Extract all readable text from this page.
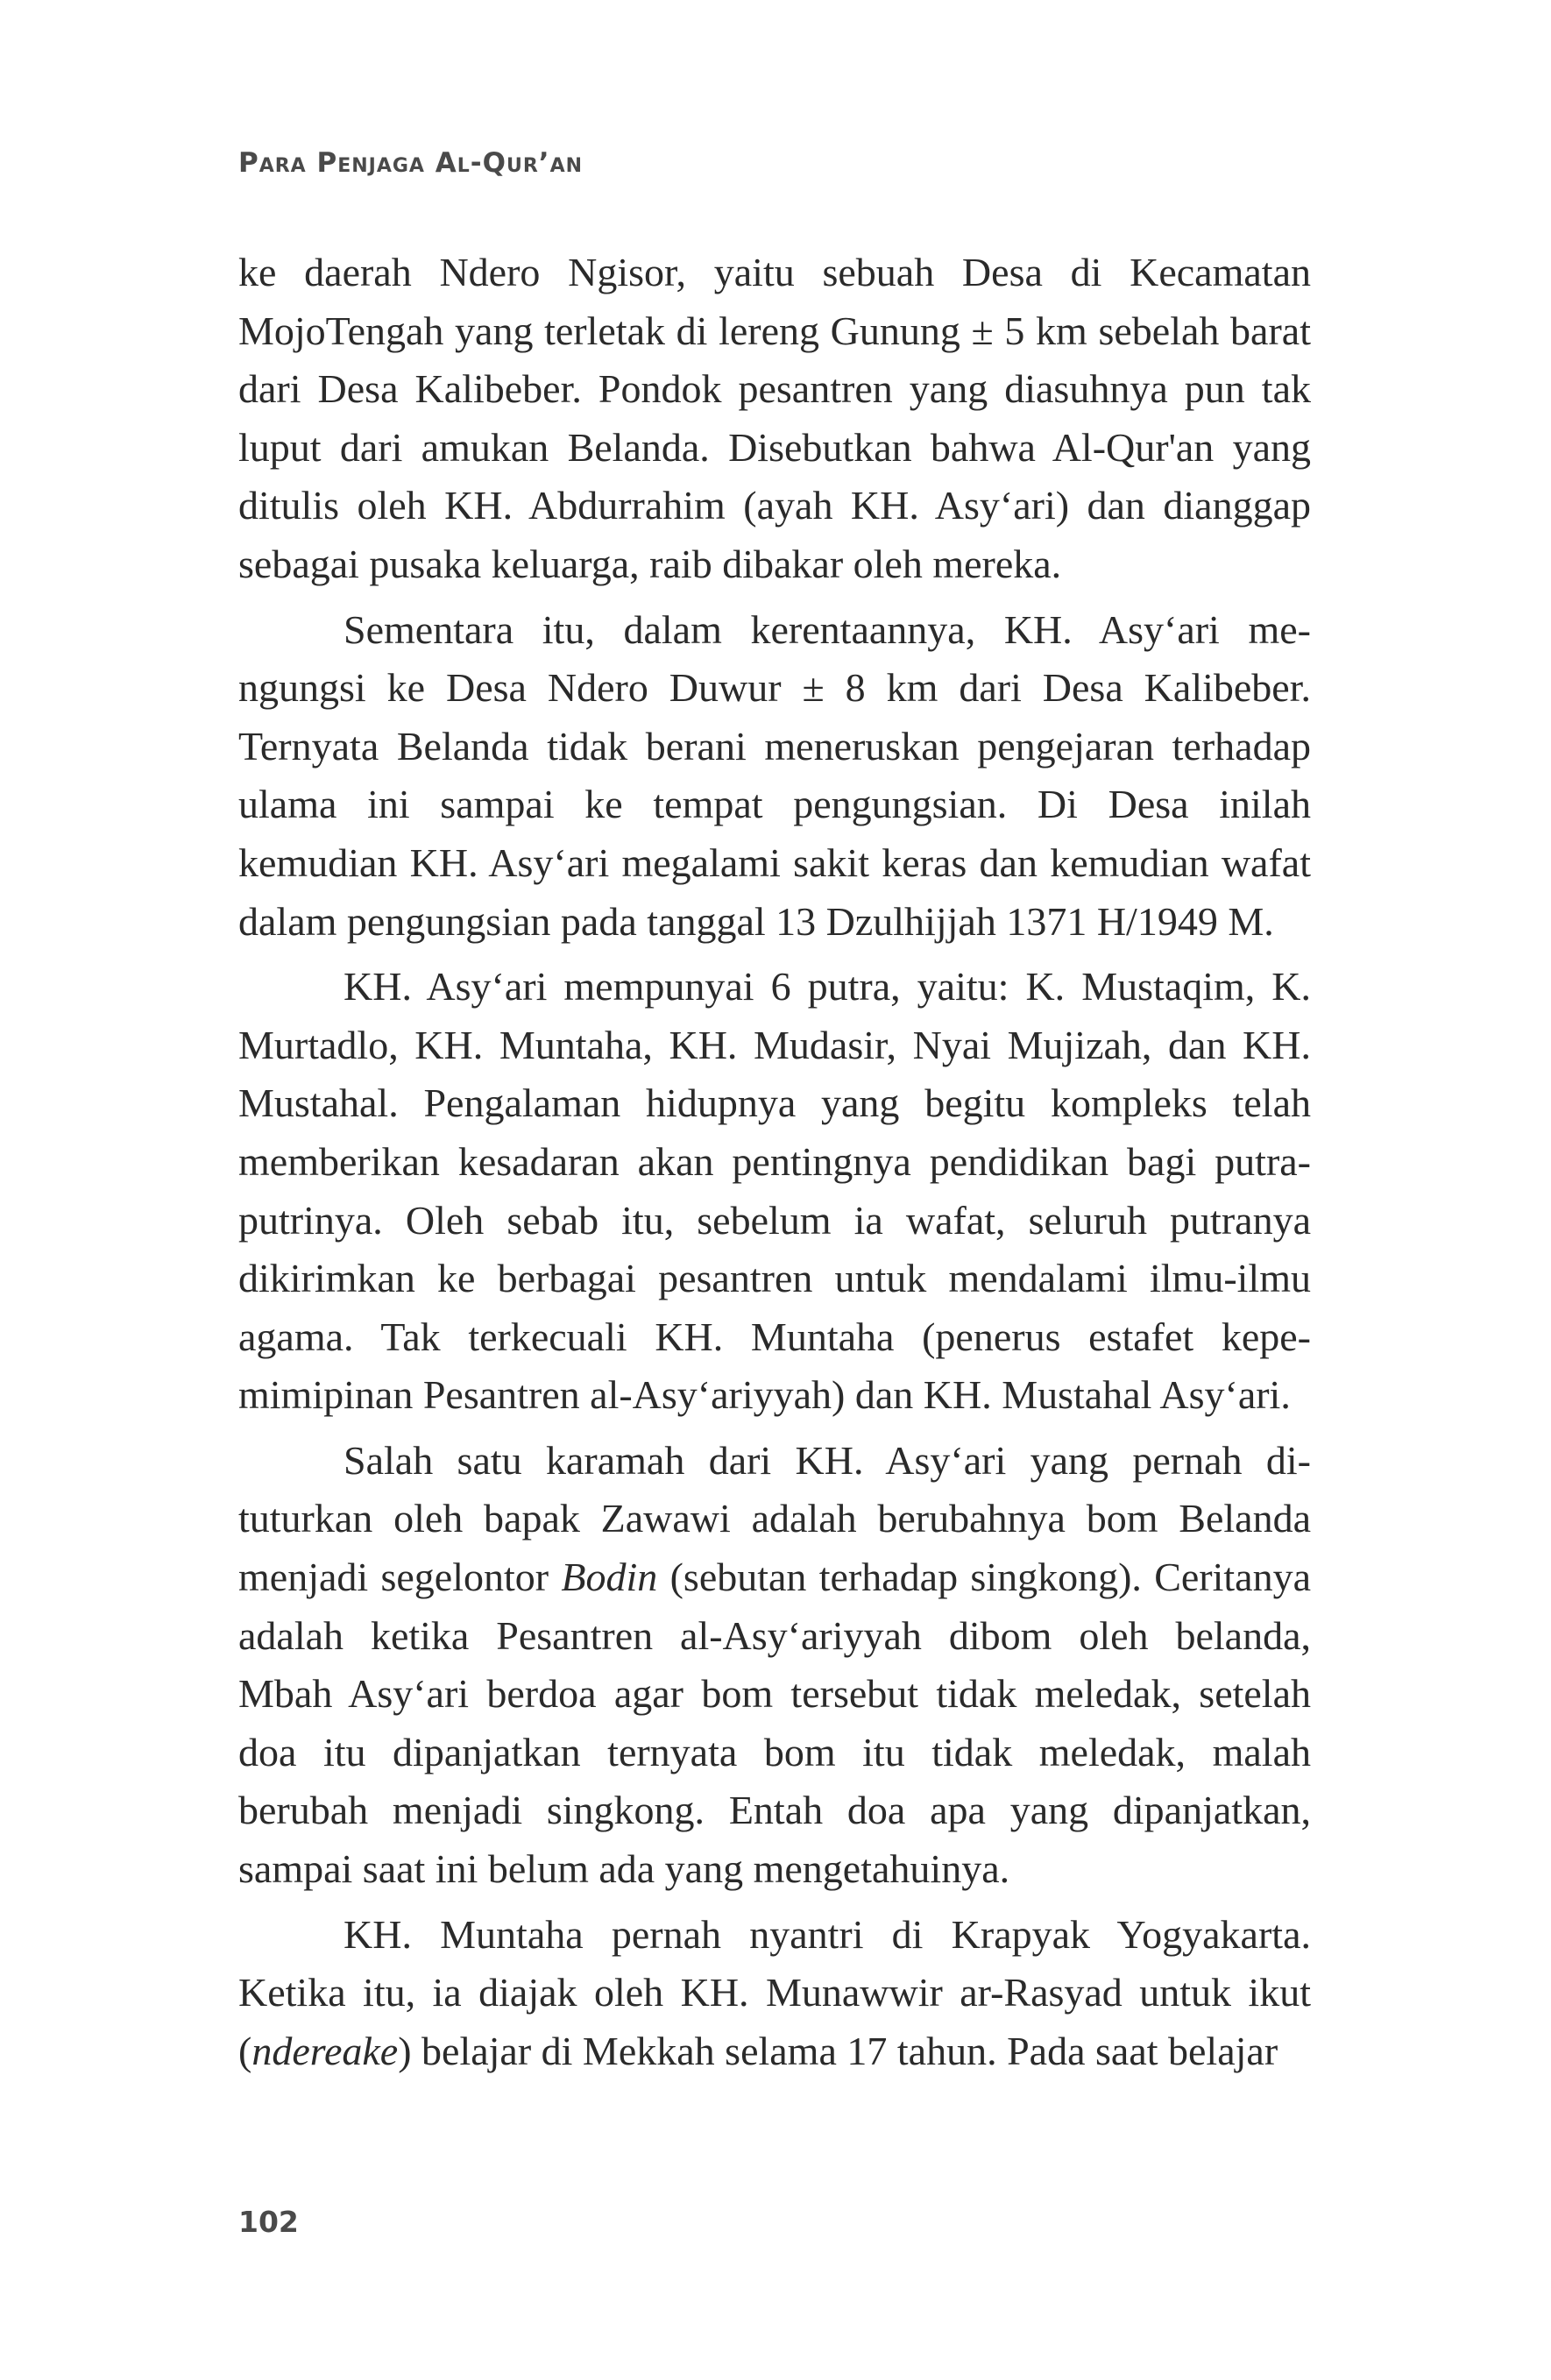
Para Penjaga Al-Qur’an

ke daerah Ndero Ngisor, yaitu sebuah Desa di Kecamatan MojoTengah yang terletak di lereng Gunung ± 5 km sebelah barat dari Desa Kalibeber. Pondok pesantren yang diasuhnya pun tak luput dari amukan Belanda. Disebutkan bahwa Al-Qur'an yang ditulis oleh KH. Abdurrahim (ayah KH. Asy‘ari) dan dianggap sebagai pusaka keluarga, raib dibakar oleh mereka.

Sementara itu, dalam kerentaannya, KH. Asy‘ari mengungsi ke Desa Ndero Duwur ± 8 km dari Desa Kalibeber. Ternyata Belanda tidak berani meneruskan pengejaran terhadap ulama ini sampai ke tempat pengungsian. Di Desa inilah kemudian KH. Asy‘ari megalami sakit keras dan kemudian wafat dalam pengungsian pada tanggal 13 Dzulhijjah 1371 H/1949 M.

KH. Asy‘ari mempunyai 6 putra, yaitu: K. Mustaqim, K. Murtadlo, KH. Muntaha, KH. Mudasir, Nyai Mujizah, dan KH. Mustahal. Pengalaman hidupnya yang begitu kompleks telah memberikan kesadaran akan pentingnya pendidikan bagi putra-putrinya. Oleh sebab itu, sebelum ia wafat, seluruh putranya dikirimkan ke berbagai pesantren untuk mendalami ilmu-ilmu agama. Tak terkecuali KH. Muntaha (penerus estafet kepemimipinan Pesantren al-Asy‘ariyyah) dan KH. Mustahal Asy‘ari.

Salah satu karamah dari KH. Asy‘ari yang pernah dituturkan oleh bapak Zawawi adalah berubahnya bom Belanda menjadi segelontor Bodin (sebutan terhadap singkong). Ceritanya adalah ketika Pesantren al-Asy‘ariyyah dibom oleh belanda, Mbah Asy‘ari berdoa agar bom tersebut tidak meledak, setelah doa itu dipanjatkan ternyata bom itu tidak meledak, malah berubah menjadi singkong. Entah doa apa yang dipanjatkan, sampai saat ini belum ada yang mengetahuinya.

KH. Muntaha pernah nyantri di Krapyak Yogyakarta. Ketika itu, ia diajak oleh KH. Munawwir ar-Rasyad untuk ikut (ndereake) belajar di Mekkah selama 17 tahun. Pada saat belajar

102
